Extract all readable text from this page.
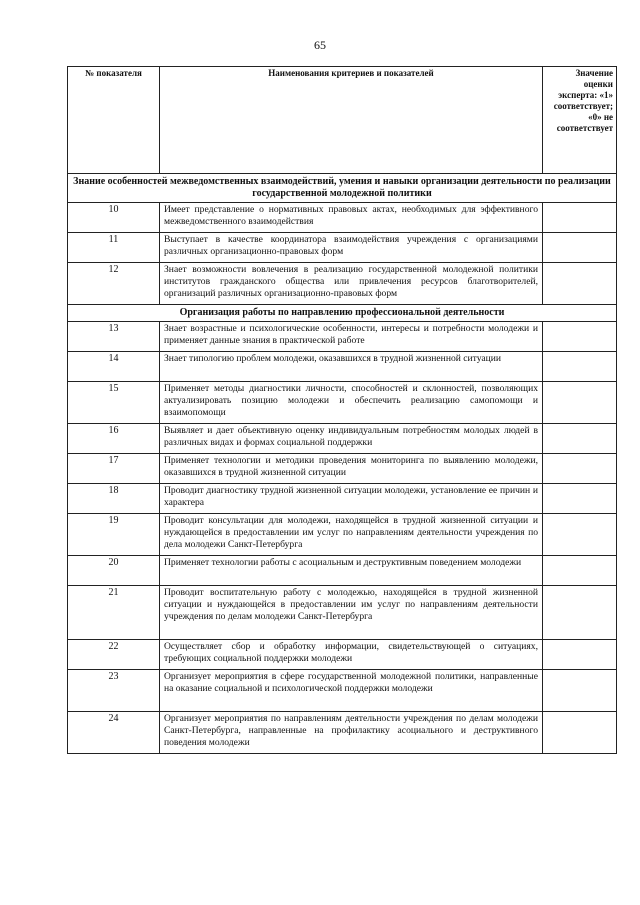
65
№ показателя	Наименования критериев и показателей	Значение оценки эксперта: «1» соответствует; «0» не соответствует
Знание особенностей межведомственных взаимодействий, умения и навыки организации деятельности по реализации государственной молодежной политики		
10	Имеет представление о нормативных правовых актах, необходимых для эффективного межведомственного взаимодействия	
11	Выступает в качестве координатора взаимодействия учреждения с организациями различных организационно-правовых форм	
12	Знает возможности вовлечения в реализацию государственной молодежной политики институтов гражданского общества или привлечения ресурсов благотворителей, организаций различных организационно-правовых форм	
Организация работы по направлению профессиональной деятельности		
13	Знает возрастные и психологические особенности, интересы и потребности молодежи и применяет данные знания в практической работе	
14	Знает типологию проблем молодежи, оказавшихся в трудной жизненной ситуации	
15	Применяет методы диагностики личности, способностей и склонностей, позволяющих актуализировать позицию молодежи и обеспечить реализацию самопомощи и взаимопомощи	
16	Выявляет и дает объективную оценку индивидуальным потребностям молодых людей в различных видах и формах социальной поддержки	
17	Применяет технологии и методики проведения мониторинга по выявлению молодежи, оказавшихся в трудной жизненной ситуации	
18	Проводит диагностику трудной жизненной ситуации молодежи, установление ее причин и характера	
19	Проводит консультации для молодежи, находящейся в трудной жизненной ситуации и нуждающейся в предоставлении им услуг по направлениям деятельности учреждения по дела молодежи Санкт-Петербурга	
20	Применяет технологии работы с асоциальным и деструктивным поведением молодежи	
21	Проводит воспитательную работу с молодежью, находящейся в трудной жизненной ситуации и нуждающейся в предоставлении им услуг по направлениям деятельности учреждения по делам молодежи Санкт-Петербурга	
22	Осуществляет сбор и обработку информации, свидетельствующей о ситуациях, требующих социальной поддержки молодежи	
23	Организует мероприятия в сфере государственной молодежной политики, направленные на оказание социальной и психологической поддержки молодежи	
24	Организует мероприятия по направлениям деятельности учреждения по делам молодежи Санкт-Петербурга, направленные на профилактику асоциального и деструктивного поведения молодежи	
